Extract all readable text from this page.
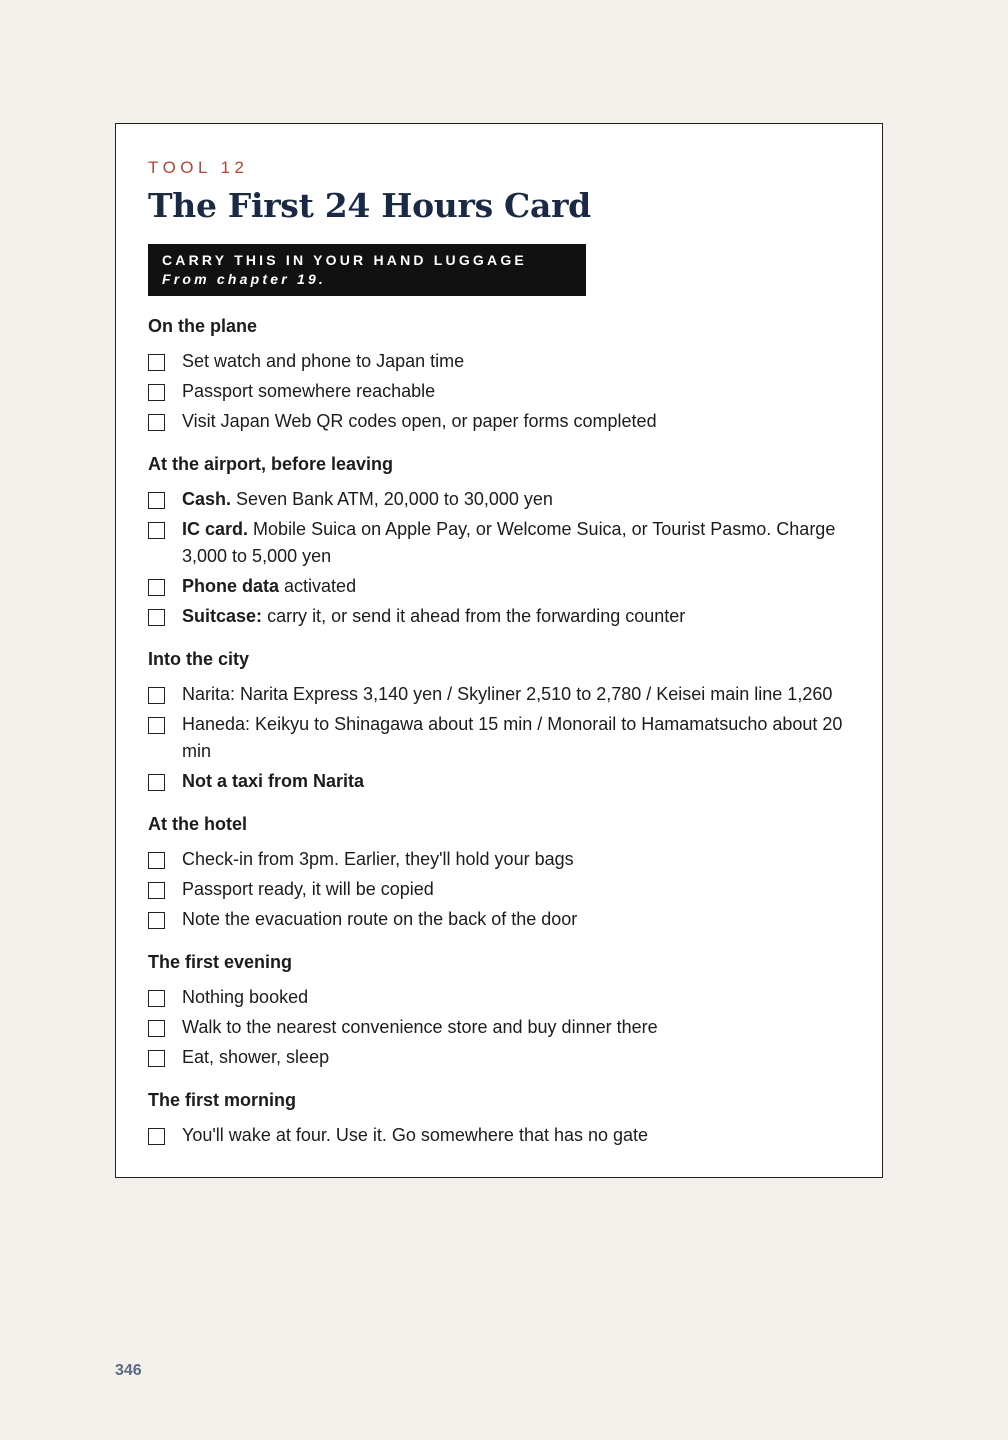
TOOL 12

The First 24 Hours Card
CARRY THIS IN YOUR HAND LUGGAGE
From chapter 19.
On the plane
Set watch and phone to Japan time
Passport somewhere reachable
Visit Japan Web QR codes open, or paper forms completed
At the airport, before leaving
Cash. Seven Bank ATM, 20,000 to 30,000 yen
IC card. Mobile Suica on Apple Pay, or Welcome Suica, or Tourist Pasmo. Charge 3,000 to 5,000 yen
Phone data activated
Suitcase: carry it, or send it ahead from the forwarding counter
Into the city
Narita: Narita Express 3,140 yen / Skyliner 2,510 to 2,780 / Keisei main line 1,260
Haneda: Keikyu to Shinagawa about 15 min / Monorail to Hamamatsucho about 20 min
Not a taxi from Narita
At the hotel
Check-in from 3pm. Earlier, they'll hold your bags
Passport ready, it will be copied
Note the evacuation route on the back of the door
The first evening
Nothing booked
Walk to the nearest convenience store and buy dinner there
Eat, shower, sleep
The first morning
You'll wake at four. Use it. Go somewhere that has no gate
346
